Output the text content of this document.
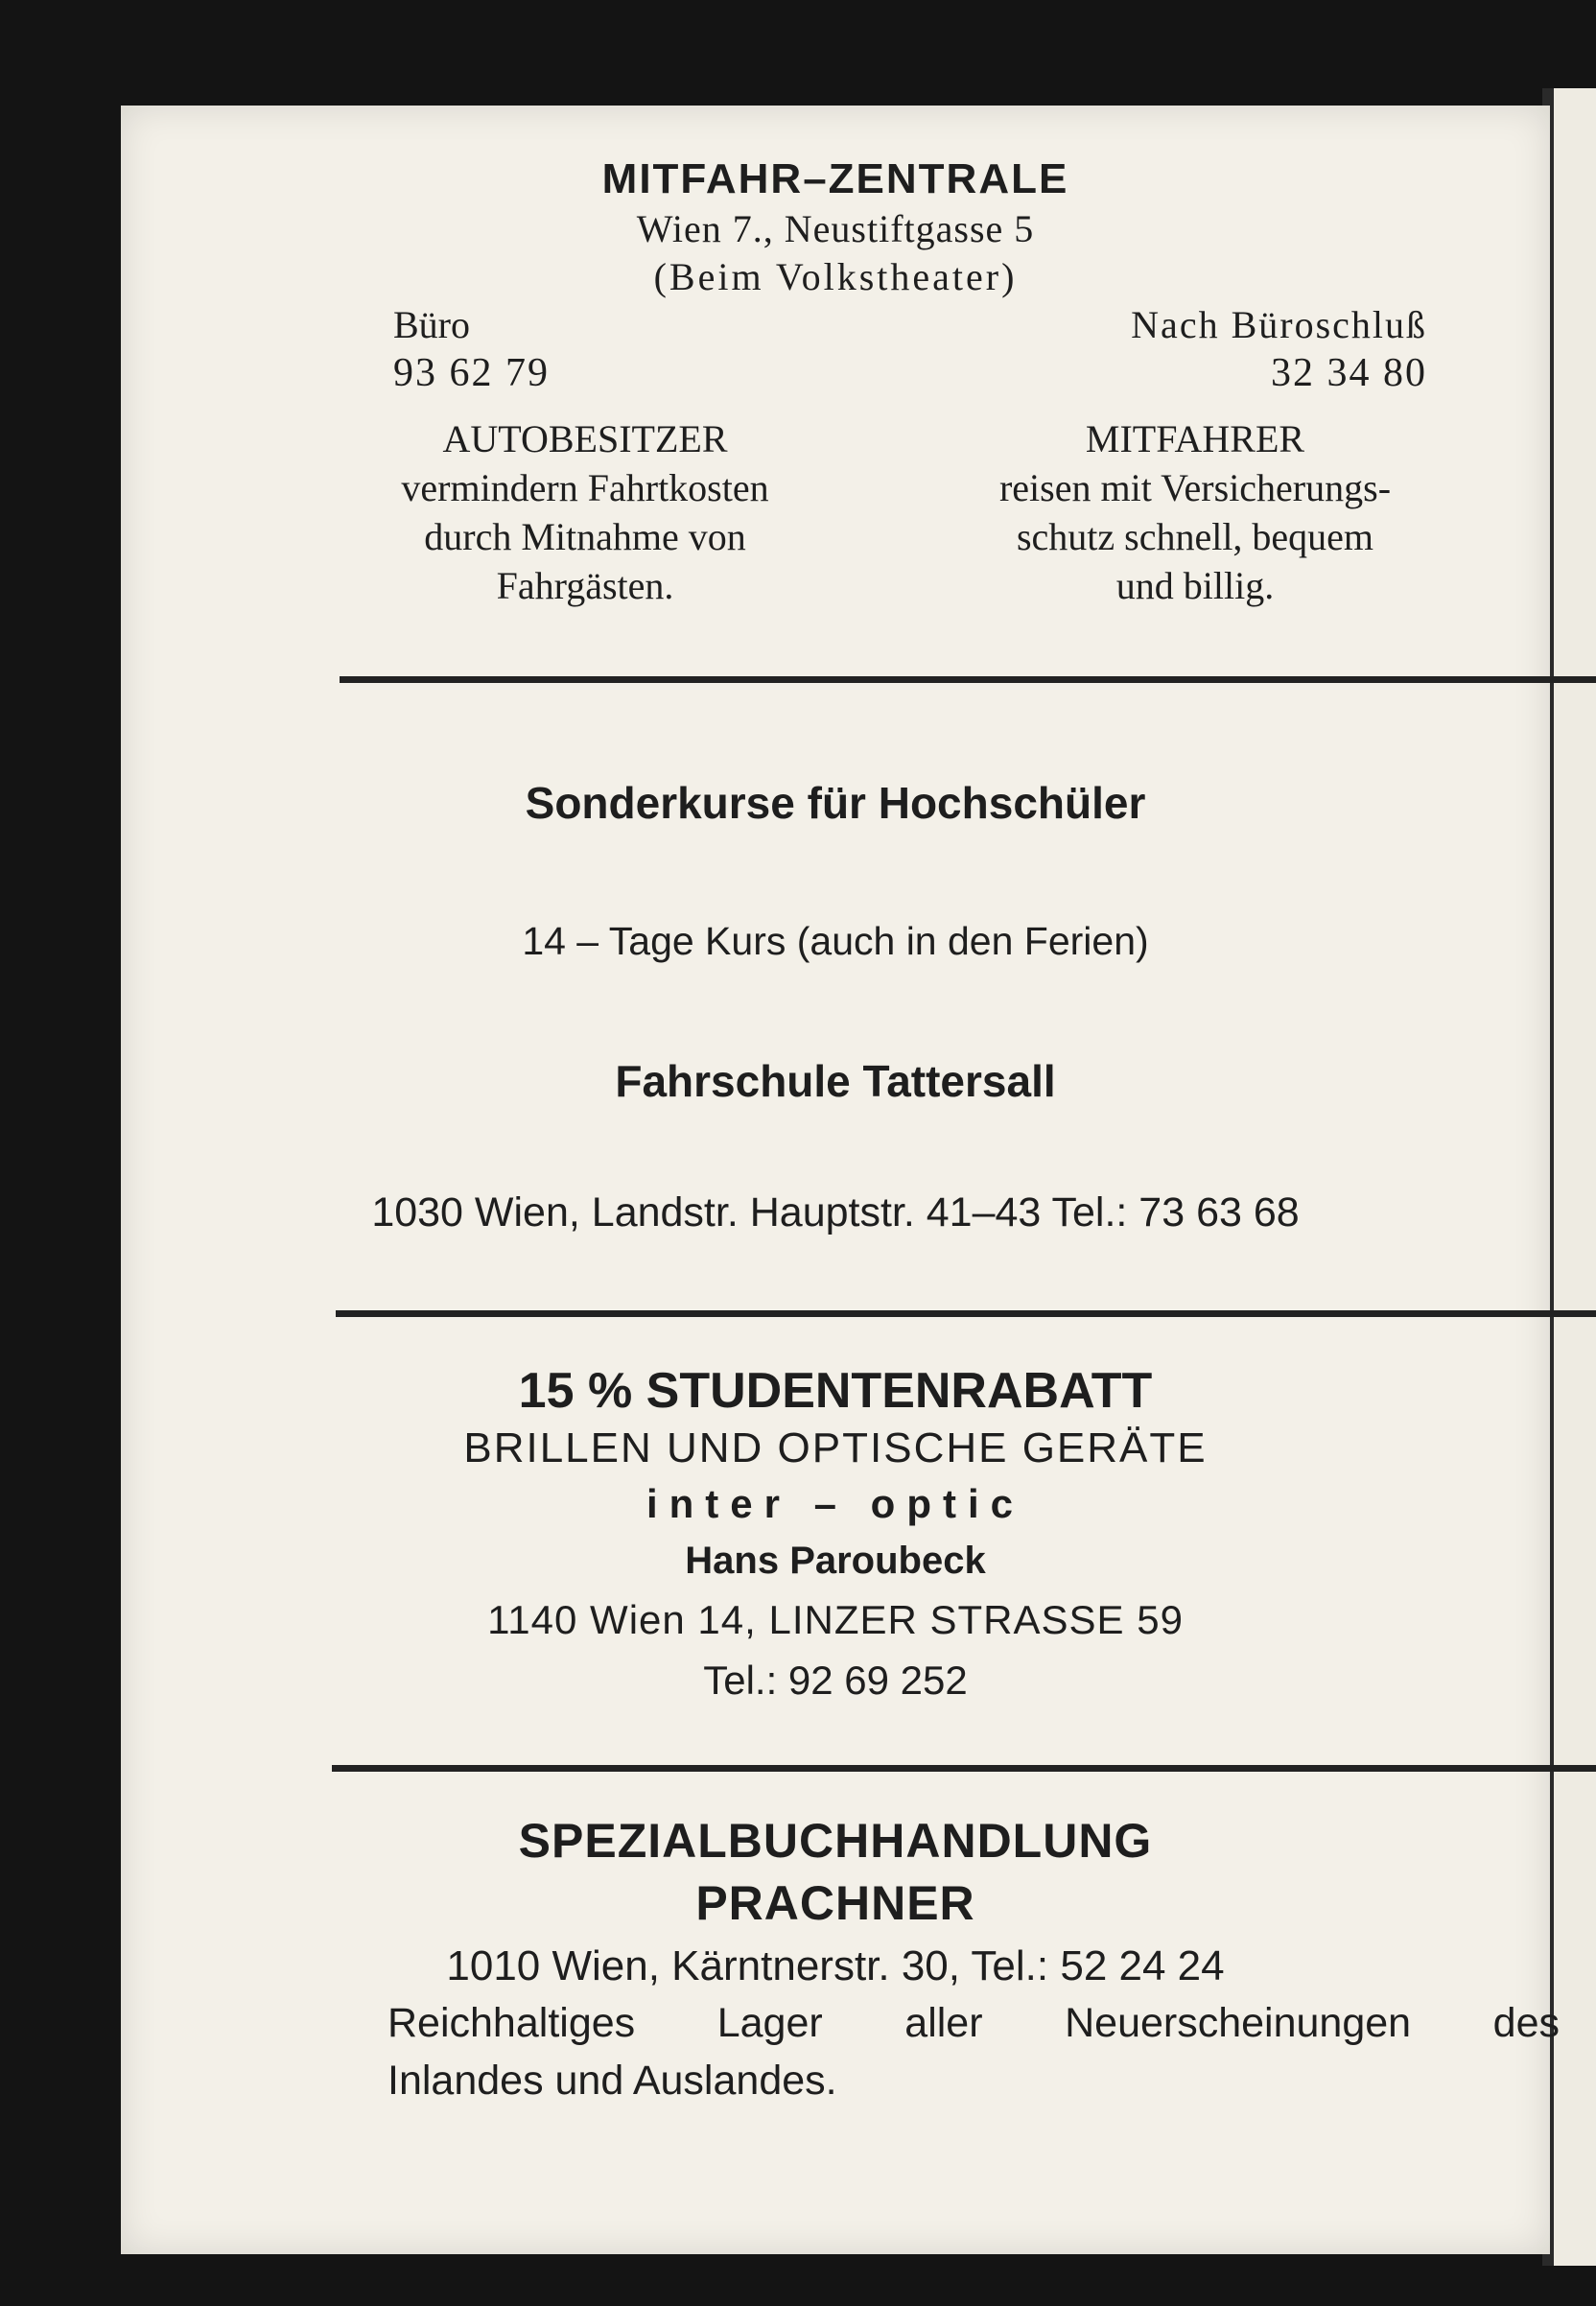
MITFAHR–ZENTRALE
Wien 7., Neustiftgasse 5
(Beim Volkstheater)
Büro
93 62 79
Nach Büroschluß
32 34 80
AUTOBESITZER
vermindern Fahrtkosten
durch Mitnahme von
Fahrgästen.
MITFAHRER
reisen mit Versicherungs-
schutz schnell, bequem
und billig.
Sonderkurse für Hochschüler
14 – Tage Kurs (auch in den Ferien)
Fahrschule Tattersall
1030 Wien, Landstr. Hauptstr. 41–43 Tel.: 73 63 68
15 % STUDENTENRABATT
BRILLEN UND OPTISCHE GERÄTE
inter – optic
Hans Paroubeck
1140 Wien 14, LINZER STRASSE 59
Tel.: 92 69 252
SPEZIALBUCHHANDLUNG
PRACHNER
1010 Wien, Kärntnerstr. 30, Tel.: 52 24 24
Reichhaltiges Lager aller Neuerscheinungen des
Inlandes und Auslandes.
